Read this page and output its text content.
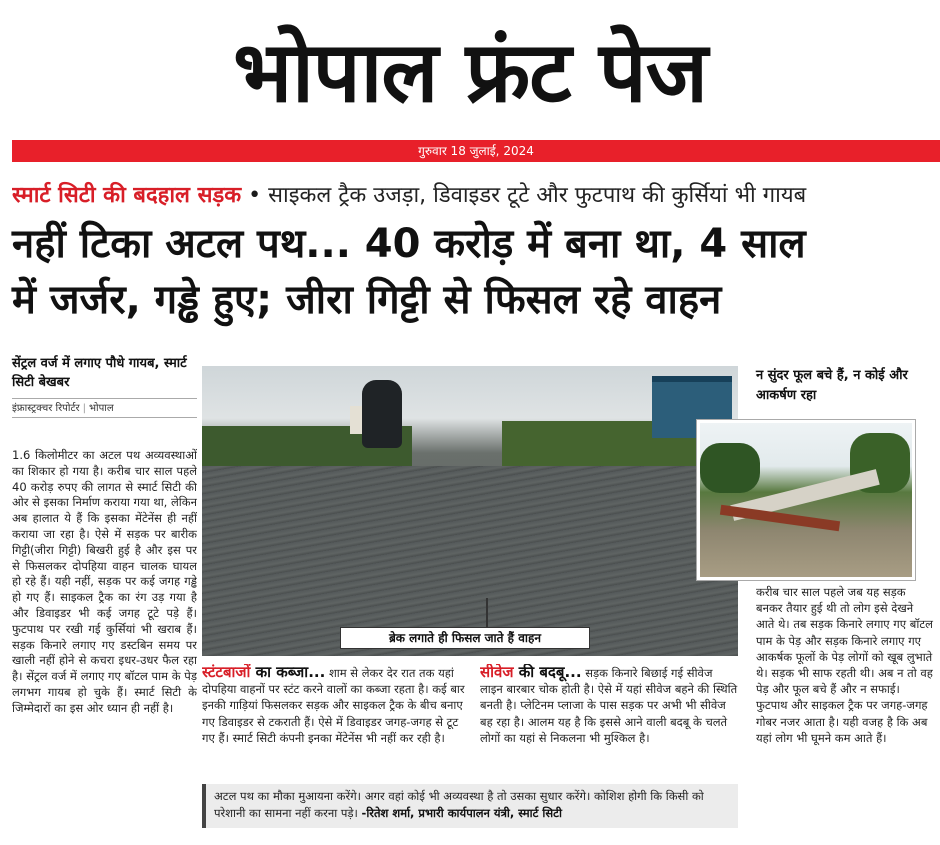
भोपाल फ्रंट पेज
गुरुवार 18 जुलाई, 2024
स्मार्ट सिटी की बदहाल सड़क • साइकल ट्रैक उजड़ा, डिवाइडर टूटे और फुटपाथ की कुर्सियां भी गायब
नहीं टिका अटल पथ... 40 करोड़ में बना था, 4 साल
में जर्जर, गड्ढे हुए; जीरा गिट्टी से फिसल रहे वाहन
सेंट्रल वर्ज में लगाए पौधे गायब, स्मार्ट सिटी बेखबर
इंफ्रास्ट्रक्चर रिपोर्टर | भोपाल
1.6 किलोमीटर का अटल पथ अव्यवस्थाओं का शिकार हो गया है। करीब चार साल पहले 40 करोड़ रुपए की लागत से स्मार्ट सिटी की ओर से इसका निर्माण कराया गया था, लेकिन अब हालात ये हैं कि इसका मेंटेनेंस ही नहीं कराया जा रहा है। ऐसे में सड़क पर बारीक गिट्टी(जीरा गिट्टी) बिखरी हुई है और इस पर से फिसलकर दोपहिया वाहन चालक घायल हो रहे हैं। यही नहीं, सड़क पर कई जगह गड्ढे हो गए हैं। साइकल ट्रैक का रंग उड़ गया है और डिवाइडर भी कई जगह टूटे पड़े हैं। फुटपाथ पर रखी गई कुर्सियां भी खराब हैं। सड़क किनारे लगाए गए डस्टबिन समय पर खाली नहीं होने से कचरा इधर-उधर फैल रहा है। सेंट्रल वर्ज में लगाए गए बॉटल पाम के पेड़ लगभग गायब हो चुके हैं। स्मार्ट सिटी के जिम्मेदारों का इस ओर ध्यान ही नहीं है।
ब्रेक लगाते ही फिसल जाते हैं वाहन
न सुंदर फूल बचे हैं, न कोई और आकर्षण रहा
करीब चार साल पहले जब यह सड़क बनकर तैयार हुई थी तो लोग इसे देखने आते थे। तब सड़क किनारे लगाए गए बॉटल पाम के पेड़ और सड़क किनारे लगाए गए आकर्षक फूलों के पेड़ लोगों को खूब लुभाते थे। सड़क भी साफ रहती थी। अब न तो वह पेड़ और फूल बचे हैं और न सफाई। फुटपाथ और साइकल ट्रैक पर जगह-जगह गोबर नजर आता है। यही वजह है कि अब यहां लोग भी घूमने कम आते हैं।
स्टंटबाजों का कब्जा... शाम से लेकर देर रात तक यहां दोपहिया वाहनों पर स्टंट करने वालों का कब्जा रहता है। कई बार इनकी गाड़ियां फिसलकर सड़क और साइकल ट्रैक के बीच बनाए गए डिवाइडर से टकराती हैं। ऐसे में डिवाइडर जगह-जगह से टूट गए हैं। स्मार्ट सिटी कंपनी इनका मेंटेनेंस भी नहीं कर रही है।
सीवेज की बदबू... सड़क किनारे बिछाई गई सीवेज लाइन बारबार चोक होती है। ऐसे में यहां सीवेज बहने की स्थिति बनती है। प्लेटिनम प्लाजा के पास सड़क पर अभी भी सीवेज बह रहा है। आलम यह है कि इससे आने वाली बदबू के चलते लोगों का यहां से निकलना भी मुश्किल है।
अटल पथ का मौका मुआयना करेंगे। अगर वहां कोई भी अव्यवस्था है तो उसका सुधार करेंगे। कोशिश होगी कि किसी को परेशानी का सामना नहीं करना पड़े। -रितेश शर्मा, प्रभारी कार्यपालन यंत्री, स्मार्ट सिटी
